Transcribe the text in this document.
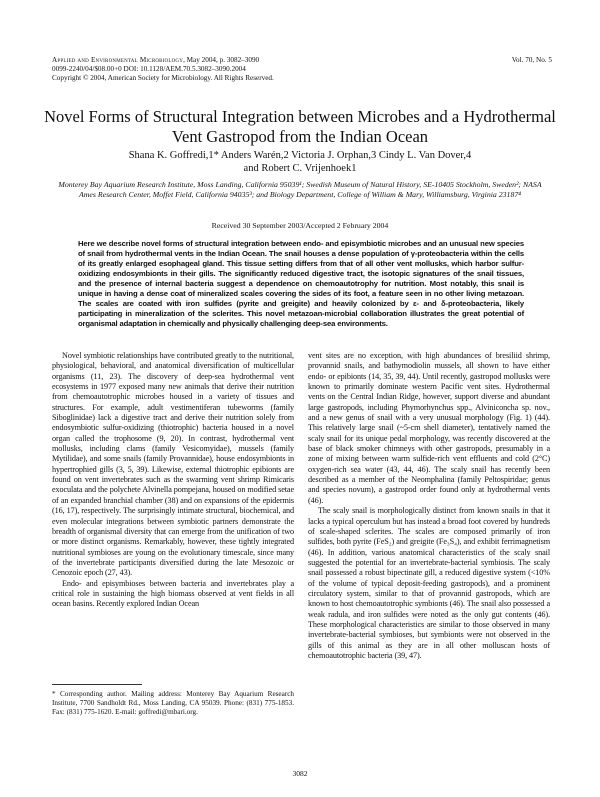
Applied and Environmental Microbiology, May 2004, p. 3082–3090
0099-2240/04/$08.00+0 DOI: 10.1128/AEM.70.5.3082–3090.2004
Copyright © 2004, American Society for Microbiology. All Rights Reserved.
Vol. 70, No. 5
Novel Forms of Structural Integration between Microbes and a Hydrothermal Vent Gastropod from the Indian Ocean
Shana K. Goffredi,1* Anders Warén,2 Victoria J. Orphan,3 Cindy L. Van Dover,4
and Robert C. Vrijenhoek1
Monterey Bay Aquarium Research Institute, Moss Landing, California 95039¹; Swedish Museum of Natural History, SE-10405 Stockholm, Sweden²; NASA Ames Research Center, Moffet Field, California 94035³; and Biology Department, College of William & Mary, Williamsburg, Virginia 23187⁴
Received 30 September 2003/Accepted 2 February 2004
Here we describe novel forms of structural integration between endo- and episymbiotic microbes and an unusual new species of snail from hydrothermal vents in the Indian Ocean. The snail houses a dense population of γ-proteobacteria within the cells of its greatly enlarged esophageal gland. This tissue setting differs from that of all other vent mollusks, which harbor sulfur-oxidizing endosymbionts in their gills. The significantly reduced digestive tract, the isotopic signatures of the snail tissues, and the presence of internal bacteria suggest a dependence on chemoautotrophy for nutrition. Most notably, this snail is unique in having a dense coat of mineralized scales covering the sides of its foot, a feature seen in no other living metazoan. The scales are coated with iron sulfides (pyrite and greigite) and heavily colonized by ε- and δ-proteobacteria, likely participating in mineralization of the sclerites. This novel metazoan-microbial collaboration illustrates the great potential of organismal adaptation in chemically and physically challenging deep-sea environments.

Novel symbiotic relationships have contributed greatly to the nutritional, physiological, behavioral, and anatomical diversification of multicellular organisms (11, 23). The discovery of deep-sea hydrothermal vent ecosystems in 1977 exposed many new animals that derive their nutrition from chemoautotrophic microbes housed in a variety of tissues and structures. For example, adult vestimentiferan tubeworms (family Siboglinidae) lack a digestive tract and derive their nutrition solely from endosymbiotic sulfur-oxidizing (thiotrophic) bacteria housed in a novel organ called the trophosome (9, 20). In contrast, hydrothermal vent mollusks, including clams (family Vesicomyidae), mussels (family Mytilidae), and some snails (family Provannidae), house endosymbionts in hypertrophied gills (3, 5, 39). Likewise, external thiotrophic epibionts are found on vent invertebrates such as the swarming vent shrimp Rimicaris exoculata and the polychete Alvinella pompejana, housed on modified setae of an expanded branchial chamber (38) and on expansions of the epidermis (16, 17), respectively. The surprisingly intimate structural, biochemical, and even molecular integrations between symbiotic partners demonstrate the breadth of organismal diversity that can emerge from the unification of two or more distinct organisms. Remarkably, however, these tightly integrated nutritional symbioses are young on the evolutionary timescale, since many of the invertebrate participants diversified during the late Mesozoic or Cenozoic epoch (27, 43).

Endo- and episymbioses between bacteria and invertebrates play a critical role in sustaining the high biomass observed at vent fields in all ocean basins. Recently explored Indian Ocean

vent sites are no exception, with high abundances of bresiliid shrimp, provannid snails, and bathymodiolin mussels, all shown to have either endo- or epibionts (14, 35, 39, 44). Until recently, gastropod mollusks were known to primarily dominate western Pacific vent sites. Hydrothermal vents on the Central Indian Ridge, however, support diverse and abundant large gastropods, including Phymorhynchus spp., Alviniconcha sp. nov., and a new genus of snail with a very unusual morphology (Fig. 1) (44). This relatively large snail (~5-cm shell diameter), tentatively named the scaly snail for its unique pedal morphology, was recently discovered at the base of black smoker chimneys with other gastropods, presumably in a zone of mixing between warm sulfide-rich vent effluents and cold (2°C) oxygen-rich sea water (43, 44, 46). The scaly snail has recently been described as a member of the Neomphalina (family Peltospiridae; genus and species novum), a gastropod order found only at hydrothermal vents (46).

The scaly snail is morphologically distinct from known snails in that it lacks a typical operculum but has instead a broad foot covered by hundreds of scale-shaped sclerites. The scales are composed primarily of iron sulfides, both pyrite (FeS₂) and greigite (Fe₃S₄), and exhibit ferrimagnetism (46). In addition, various anatomical characteristics of the scaly snail suggested the potential for an invertebrate-bacterial symbiosis. The scaly snail possessed a robust bipectinate gill, a reduced digestive system (<10% of the volume of typical deposit-feeding gastropods), and a prominent circulatory system, similar to that of provannid gastropods, which are known to host chemoautotrophic symbionts (46). The snail also possessed a weak radula, and iron sulfides were noted as the only gut contents (46). These morphological characteristics are similar to those observed in many invertebrate-bacterial symbioses, but symbionts were not observed in the gills of this animal as they are in all other molluscan hosts of chemoautotrophic bacteria (39, 47).

* Corresponding author. Mailing address: Monterey Bay Aquarium Research Institute, 7700 Sandholdt Rd., Moss Landing, CA 95039. Phone: (831) 775-1853. Fax: (831) 775-1620. E-mail: goffredi@mbari.org.
3082
